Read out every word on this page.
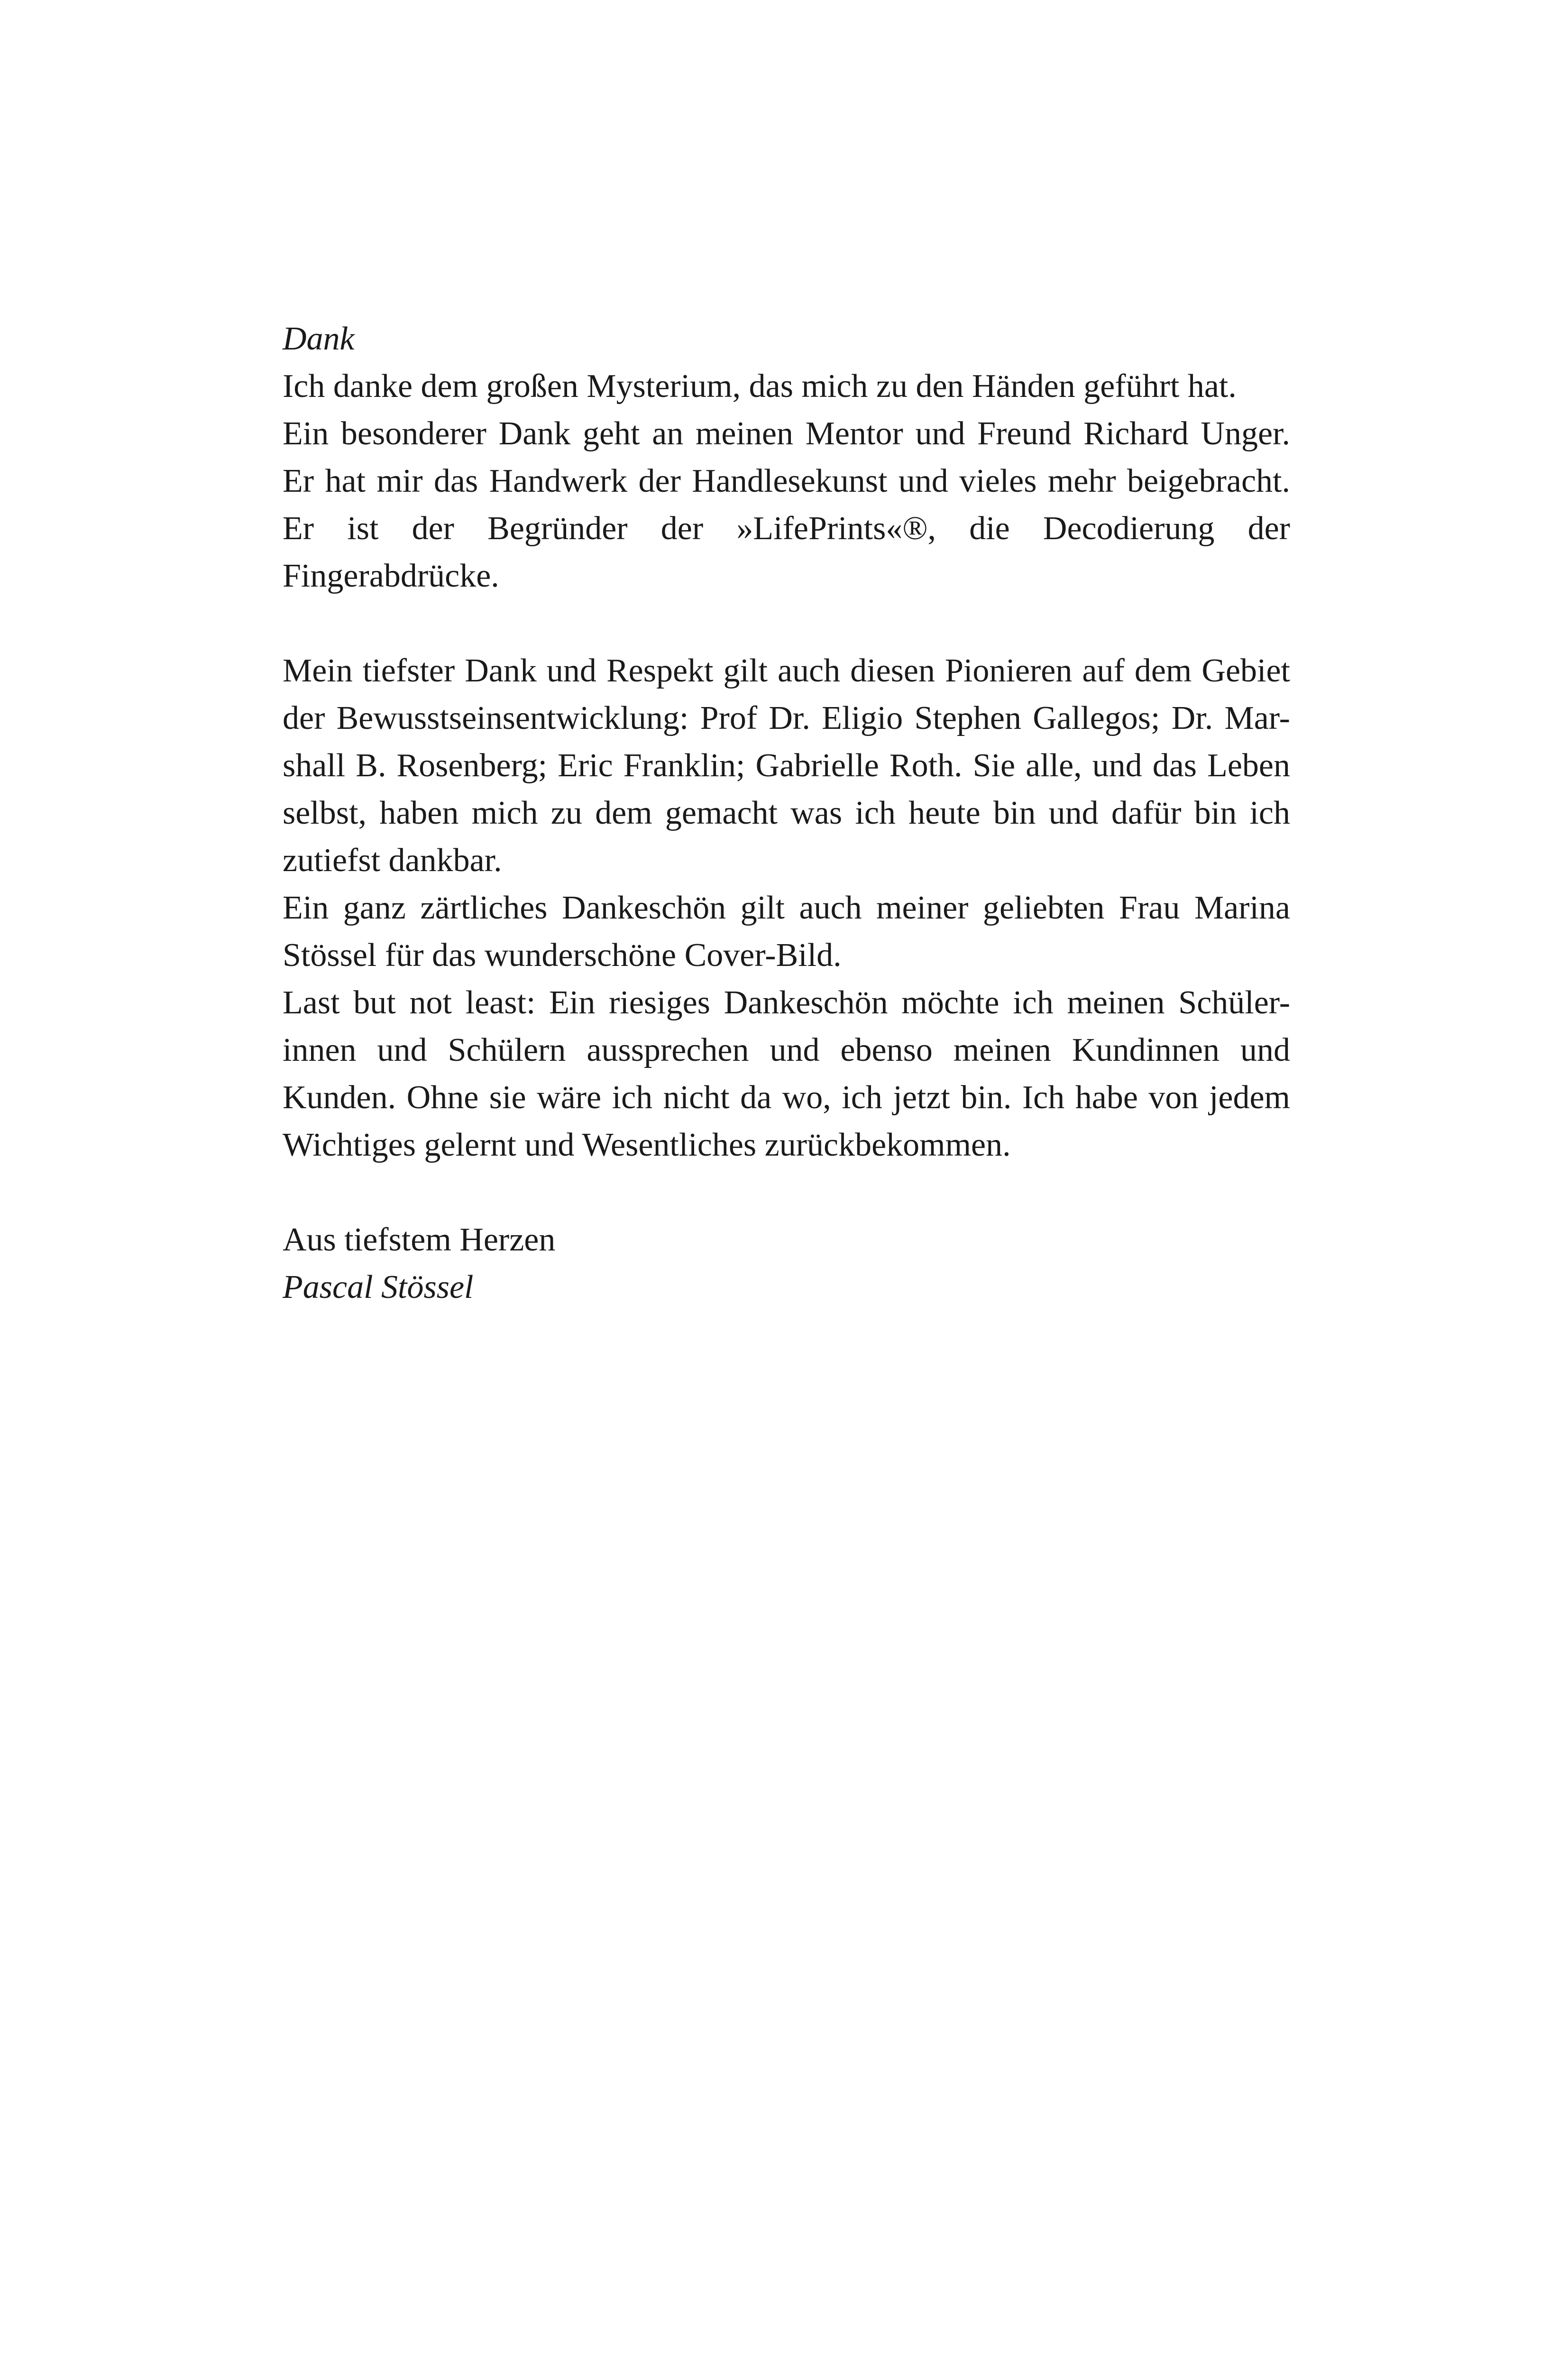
Dank
Ich danke dem großen Mysterium, das mich zu den Händen geführt hat.
Ein besonderer Dank geht an meinen Mentor und Freund Richard Unger.
Er hat mir das Handwerk der Handlesekunst und vieles mehr beigebracht.
Er ist der Begründer der »LifePrints«®, die Decodierung der Fingerabdrücke.
Mein tiefster Dank und Respekt gilt auch diesen Pionieren auf dem Gebiet
der Bewusstseinsentwicklung: Prof Dr. Eligio Stephen Gallegos; Dr. Mar-
shall B. Rosenberg; Eric Franklin; Gabrielle Roth. Sie alle, und das Leben
selbst, haben mich zu dem gemacht was ich heute bin und dafür bin ich
zutiefst dankbar.
Ein ganz zärtliches Dankeschön gilt auch meiner geliebten Frau Marina
Stössel für das wunderschöne Cover-Bild.
Last but not least: Ein riesiges Dankeschön möchte ich meinen Schüler-
innen und Schülern aussprechen und ebenso meinen Kundinnen und
Kunden. Ohne sie wäre ich nicht da wo, ich jetzt bin. Ich habe von jedem
Wichtiges gelernt und Wesentliches zurückbekommen.
Aus tiefstem Herzen
Pascal Stössel
